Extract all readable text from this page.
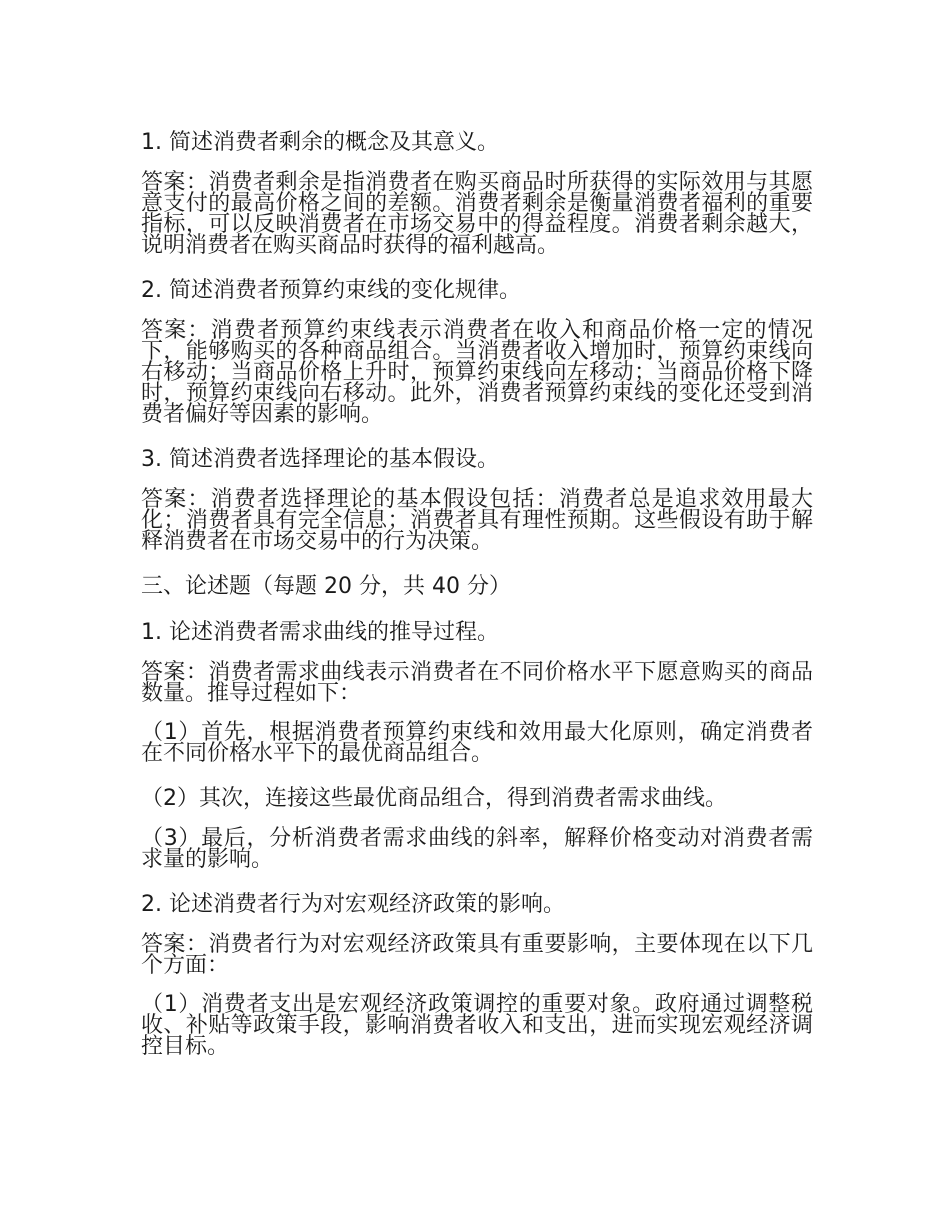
1. 简述消费者剩余的概念及其意义。
答案：消费者剩余是指消费者在购买商品时所获得的实际效用与其愿意支付的最高价格之间的差额。消费者剩余是衡量消费者福利的重要指标，可以反映消费者在市场交易中的得益程度。消费者剩余越大，说明消费者在购买商品时获得的福利越高。
2. 简述消费者预算约束线的变化规律。
答案：消费者预算约束线表示消费者在收入和商品价格一定的情况下，能够购买的各种商品组合。当消费者收入增加时，预算约束线向右移动；当商品价格上升时，预算约束线向左移动；当商品价格下降时，预算约束线向右移动。此外，消费者预算约束线的变化还受到消费者偏好等因素的影响。
3. 简述消费者选择理论的基本假设。
答案：消费者选择理论的基本假设包括：消费者总是追求效用最大化；消费者具有完全信息；消费者具有理性预期。这些假设有助于解释消费者在市场交易中的行为决策。
三、论述题（每题 20 分，共 40 分）
1. 论述消费者需求曲线的推导过程。
答案：消费者需求曲线表示消费者在不同价格水平下愿意购买的商品数量。推导过程如下：
（1）首先，根据消费者预算约束线和效用最大化原则，确定消费者在不同价格水平下的最优商品组合。
（2）其次，连接这些最优商品组合，得到消费者需求曲线。
（3）最后，分析消费者需求曲线的斜率，解释价格变动对消费者需求量的影响。
2. 论述消费者行为对宏观经济政策的影响。
答案：消费者行为对宏观经济政策具有重要影响，主要体现在以下几个方面：
（1）消费者支出是宏观经济政策调控的重要对象。政府通过调整税收、补贴等政策手段，影响消费者收入和支出，进而实现宏观经济调控目标。
